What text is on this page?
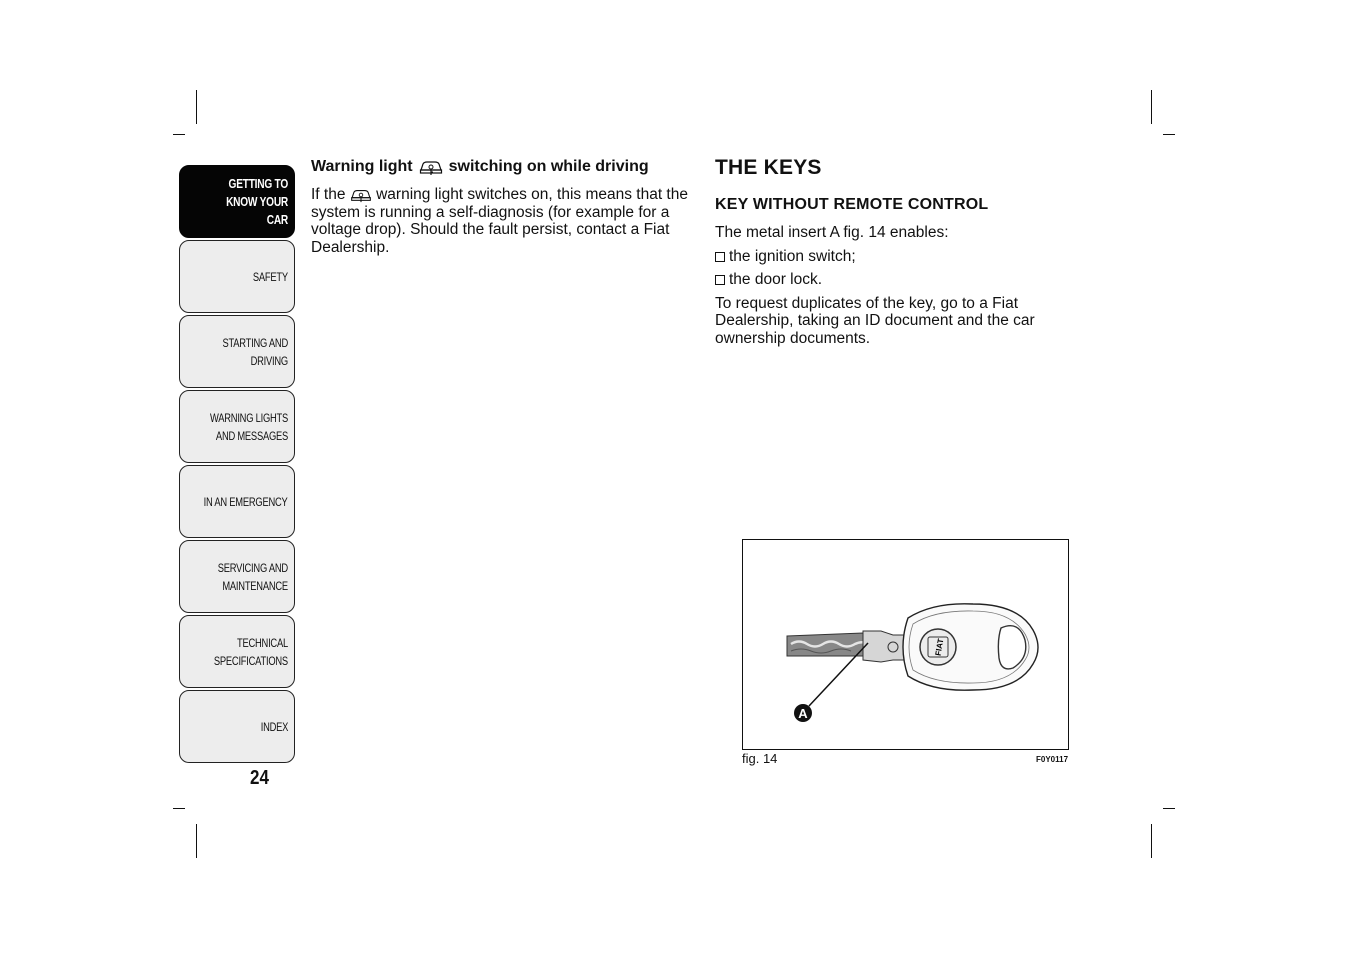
GETTING TO
KNOW YOUR CAR
SAFETY
STARTING AND
DRIVING
WARNING LIGHTS
AND MESSAGES
IN AN EMERGENCY
SERVICING AND
MAINTENANCE
TECHNICAL
SPECIFICATIONS
INDEX
24
Warning light switching on while driving

If the warning light switches on, this means that the system is running a self-diagnosis (for example for a voltage drop). Should the fault persist, contact a Fiat Dealership.

THE KEYS
KEY WITHOUT REMOTE CONTROL

The metal insert A fig. 14 enables:

the ignition switch;
the door lock.

To request duplicates of the key, go to a Fiat Dealership, taking an ID document and the car ownership documents.

FIAT
A
fig. 14	F0Y0117
